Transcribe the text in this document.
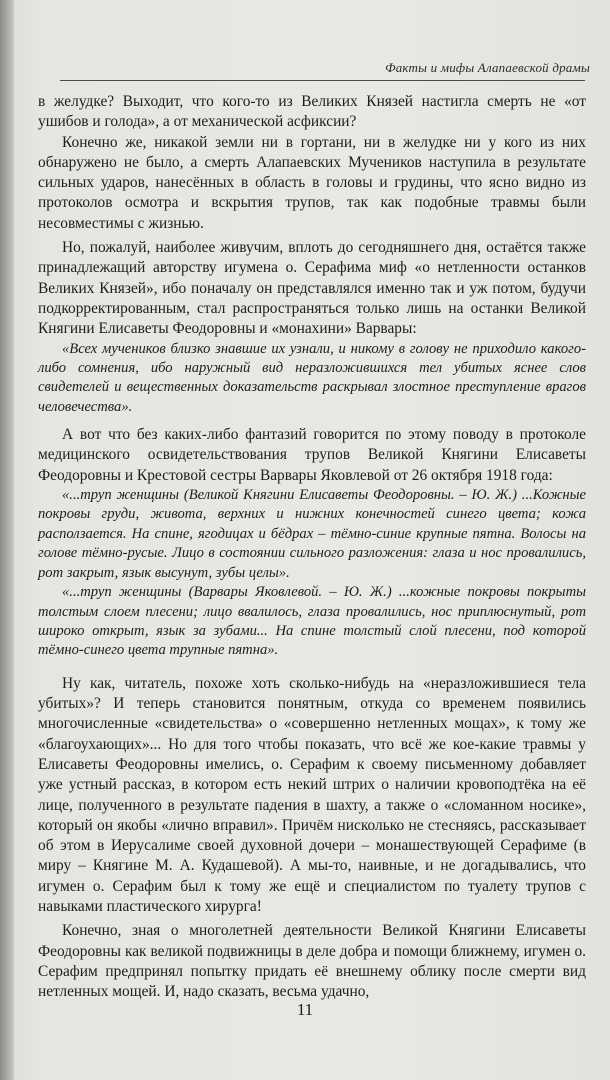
Факты и мифы Алапаевской драмы

в желудке? Выходит, что кого-то из Великих Князей настигла смерть не «от ушибов и голода», а от механической асфиксии?

Конечно же, никакой земли ни в гортани, ни в желудке ни у кого из них обнаружено не было, а смерть Алапаевских Мучеников наступила в результате сильных ударов, нанесённых в область в головы и грудины, что ясно видно из протоколов осмотра и вскрытия трупов, так как подобные травмы были несовместимы с жизнью.

Но, пожалуй, наиболее живучим, вплоть до сегодняшнего дня, остаётся также принадлежащий авторству игумена о. Серафима миф «о нетленности останков Великих Князей», ибо поначалу он представлялся именно так и уж потом, будучи подкорректированным, стал распространяться только лишь на останки Великой Княгини Елисаветы Феодоровны и «монахини» Варвары:

«Всех мучеников близко знавшие их узнали, и никому в голову не приходило какого-либо сомнения, ибо наружный вид неразложившихся тел убитых яснее слов свидетелей и вещественных доказательств раскрывал злостное преступление врагов человечества».

А вот что без каких-либо фантазий говорится по этому поводу в протоколе медицинского освидетельствования трупов Великой Княгини Елисаветы Феодоровны и Крестовой сестры Варвары Яковлевой от 26 октября 1918 года:

«...труп женщины (Великой Княгини Елисаветы Феодоровны. – Ю. Ж.) ...Кожные покровы груди, живота, верхних и нижних конечностей синего цвета; кожа расползается. На спине, ягодицах и бёдрах – тёмно-синие крупные пятна. Волосы на голове тёмно-русые. Лицо в состоянии сильного разложения: глаза и нос провалились, рот закрыт, язык высунут, зубы целы».

«...труп женщины (Варвары Яковлевой. – Ю. Ж.) ...кожные покровы покрыты толстым слоем плесени; лицо ввалилось, глаза провалились, нос приплюснутый, рот широко открыт, язык за зубами... На спине толстый слой плесени, под которой тёмно-синего цвета трупные пятна».

Ну как, читатель, похоже хоть сколько-нибудь на «неразложившиеся тела убитых»? И теперь становится понятным, откуда со временем появились многочисленные «свидетельства» о «совершенно нетленных мощах», к тому же «благоухающих»... Но для того чтобы показать, что всё же кое-какие травмы у Елисаветы Феодоровны имелись, о. Серафим к своему письменному добавляет уже устный рассказ, в котором есть некий штрих о наличии кровоподтёка на её лице, полученного в результате падения в шахту, а также о «сломанном носике», который он якобы «лично вправил». Причём нисколько не стесняясь, рассказывает об этом в Иерусалиме своей духовной дочери – монашествующей Серафиме (в миру – Княгине М. А. Кудашевой). А мы-то, наивные, и не догадывались, что игумен о. Серафим был к тому же ещё и специалистом по туалету трупов с навыками пластического хирурга!

Конечно, зная о многолетней деятельности Великой Княгини Елисаветы Феодоровны как великой подвижницы в деле добра и помощи ближнему, игумен о. Серафим предпринял попытку придать её внешнему облику после смерти вид нетленных мощей. И, надо сказать, весьма удачно,

11
